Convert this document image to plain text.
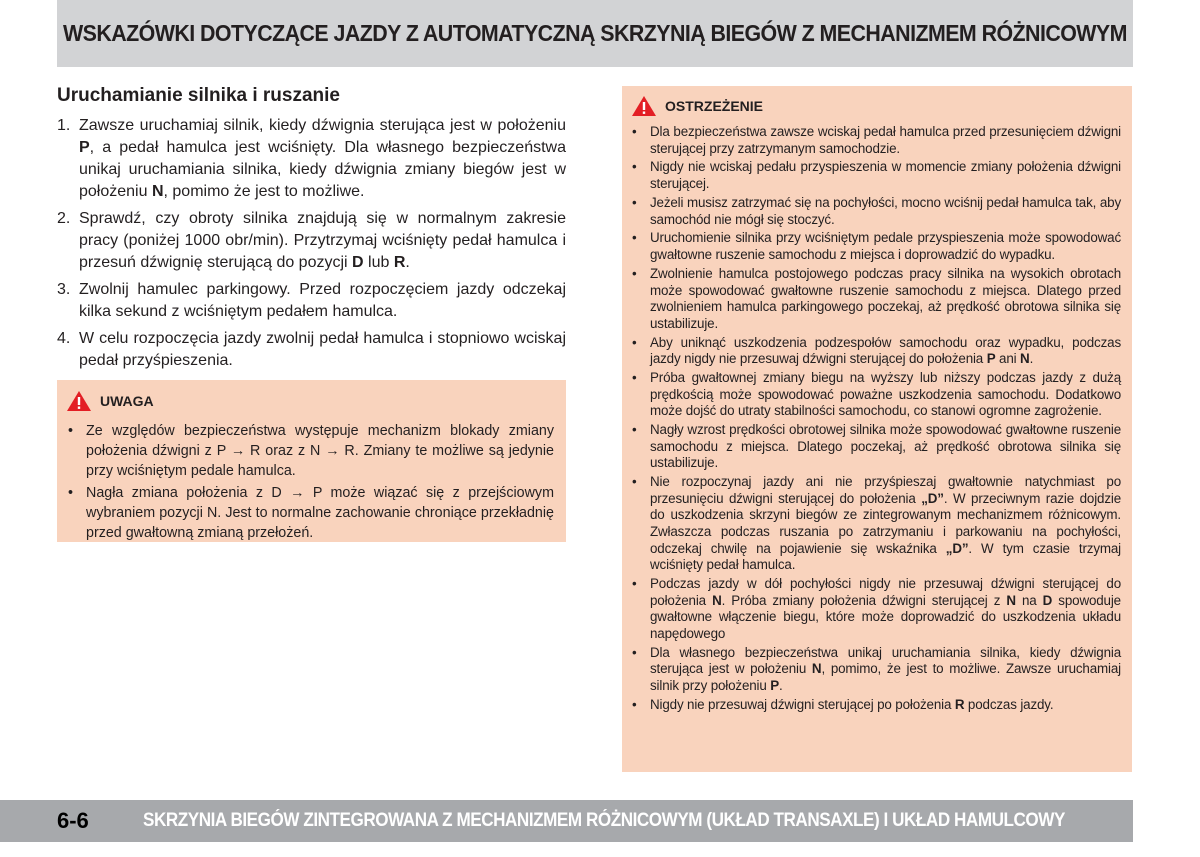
WSKAZÓWKI DOTYCZĄCE JAZDY Z AUTOMATYCZNĄ SKRZYNIĄ BIEGÓW Z MECHANIZMEM RÓŻNICOWYM
Uruchamianie silnika i ruszanie
1. Zawsze uruchamiaj silnik, kiedy dźwignia sterująca jest w położeniu P, a pedał hamulca jest wciśnięty. Dla własnego bezpieczeństwa unikaj uruchamiania silnika, kiedy dźwignia zmiany biegów jest w położeniu N, pomimo że jest to możliwe.
2. Sprawdź, czy obroty silnika znajdują się w normalnym zakresie pracy (poniżej 1000 obr/min). Przytrzymaj wciśnięty pedał hamulca i przesuń dźwignię sterującą do pozycji D lub R.
3. Zwolnij hamulec parkingowy. Przed rozpoczęciem jazdy odczekaj kilka sekund z wciśniętym pedałem hamulca.
4. W celu rozpoczęcia jazdy zwolnij pedał hamulca i stopniowo wciskaj pedał przyśpieszenia.
UWAGA
• Ze względów bezpieczeństwa występuje mechanizm blokady zmiany położenia dźwigni z P → R oraz z N → R. Zmiany te możliwe są jedynie przy wciśniętym pedale hamulca.
• Nagła zmiana położenia z D → P może wiązać się z przejściowym wybraniem pozycji N. Jest to normalne zachowanie chroniące przekładnię przed gwałtowną zmianą przełożeń.
OSTRZEŻENIE
•	Dla bezpieczeństwa zawsze wciskaj pedał hamulca przed przesunięciem dźwigni sterującej przy zatrzymanym samochodzie.
•	Nigdy nie wciskaj pedału przyspieszenia w momencie zmiany położenia dźwigni sterującej.
•	Jeżeli musisz zatrzymać się na pochyłości, mocno wciśnij pedał hamulca tak, aby samochód nie mógł się stoczyć.
•	Uruchomienie silnika przy wciśniętym pedale przyspieszenia może spowodować gwałtowne ruszenie samochodu z miejsca i doprowadzić do wypadku.
•	Zwolnienie hamulca postojowego podczas pracy silnika na wysokich obrotach może spowodować gwałtowne ruszenie samochodu z miejsca. Dlatego przed zwolnieniem hamulca parkingowego poczekaj, aż prędkość obrotowa silnika się ustabilizuje.
•	Aby uniknąć uszkodzenia podzespołów samochodu oraz wypadku, podczas jazdy nigdy nie przesuwaj dźwigni sterującej do położenia P ani N.
•	Próba gwałtownej zmiany biegu na wyższy lub niższy podczas jazdy z dużą prędkością może spowodować poważne uszkodzenia samochodu. Dodatkowo może dojść do utraty stabilności samochodu, co stanowi ogromne zagrożenie.
•	Nagły wzrost prędkości obrotowej silnika może spowodować gwałtowne ruszenie samochodu z miejsca. Dlatego poczekaj, aż prędkość obrotowa silnika się ustabilizuje.
•	Nie rozpoczynaj jazdy ani nie przyśpieszaj gwałtownie natychmiast po przesunięciu dźwigni sterującej do położenia „D”. W przeciwnym razie dojdzie do uszkodzenia skrzyni biegów ze zintegrowanym mechanizmem różnicowym. Zwłaszcza podczas ruszania po zatrzymaniu i parkowaniu na pochyłości, odczekaj chwilę na pojawienie się wskaźnika „D”. W tym czasie trzymaj wciśnięty pedał hamulca.
•	Podczas jazdy w dół pochyłości nigdy nie przesuwaj dźwigni sterującej do położenia N. Próba zmiany położenia dźwigni sterującej z N na D spowoduje gwałtowne włączenie biegu, które może doprowadzić do uszkodzenia układu napędowego
•	Dla własnego bezpieczeństwa unikaj uruchamiania silnika, kiedy dźwignia sterująca jest w położeniu N, pomimo, że jest to możliwe. Zawsze uruchamiaj silnik przy położeniu P.
•	Nigdy nie przesuwaj dźwigni sterującej po położenia R podczas jazdy.
6-6	SKRZYNIA BIEGÓW ZINTEGROWANA Z MECHANIZMEM RÓŻNICOWYM (UKŁAD TRANSAXLE) I UKŁAD HAMULCOWY
